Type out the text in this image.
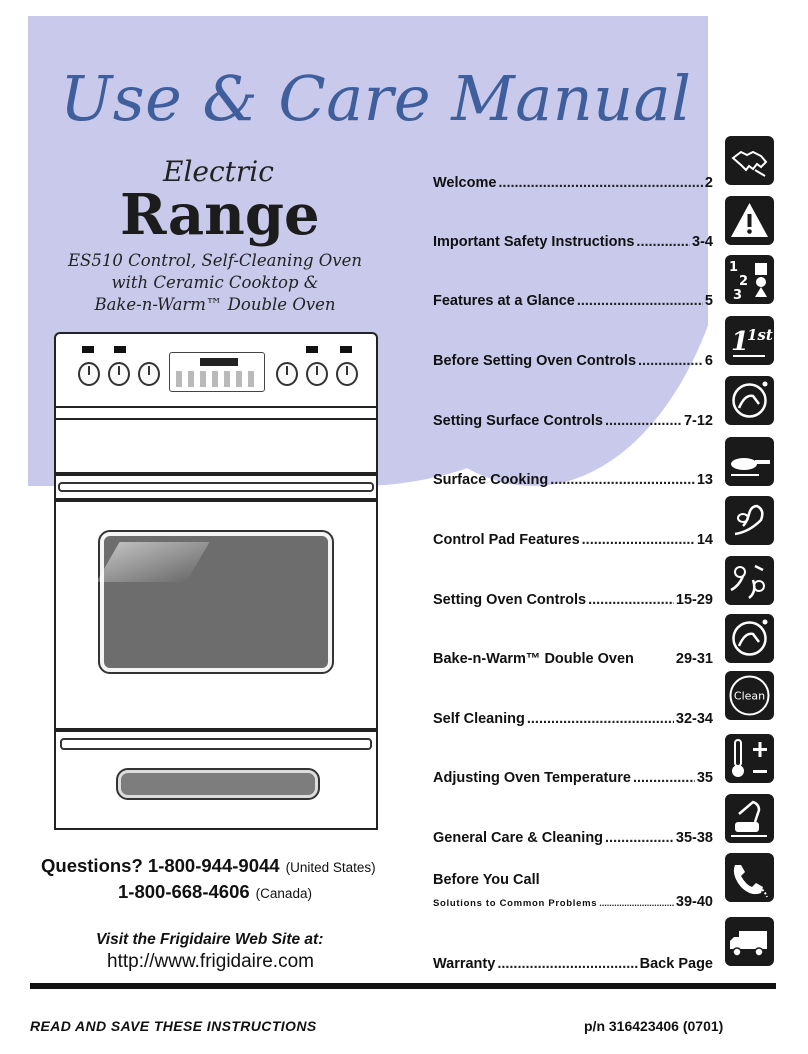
Use & Care Manual
Electric
Range
ES510 Control, Self-Cleaning Oven
with Ceramic Cooktop &
Bake-n-Warm™ Double Oven
Questions? 1-800-944-9044 (United States)
1-800-668-4606 (Canada)
Visit the Frigidaire Web Site at:
http://www.frigidaire.com
Welcome .....	2
Important Safety Instructions .....	3-4
Features at a Glance .....	5
Before Setting Oven Controls .....	6
Setting Surface Controls .....	7-12
Surface Cooking .....	13
Control Pad Features .....	14
Setting Oven Controls .....	15-29
Bake-n-Warm™ Double Oven	29-31
Self Cleaning .....	32-34
Adjusting Oven Temperature .....	35
General Care & Cleaning .....	35-38
Before You Call
Solutions to Common Problems .....	39-40
Warranty .....	Back Page
1
2
3
1
1st
Clean
READ AND SAVE THESE INSTRUCTIONS	p/n 316423406 (0701)
